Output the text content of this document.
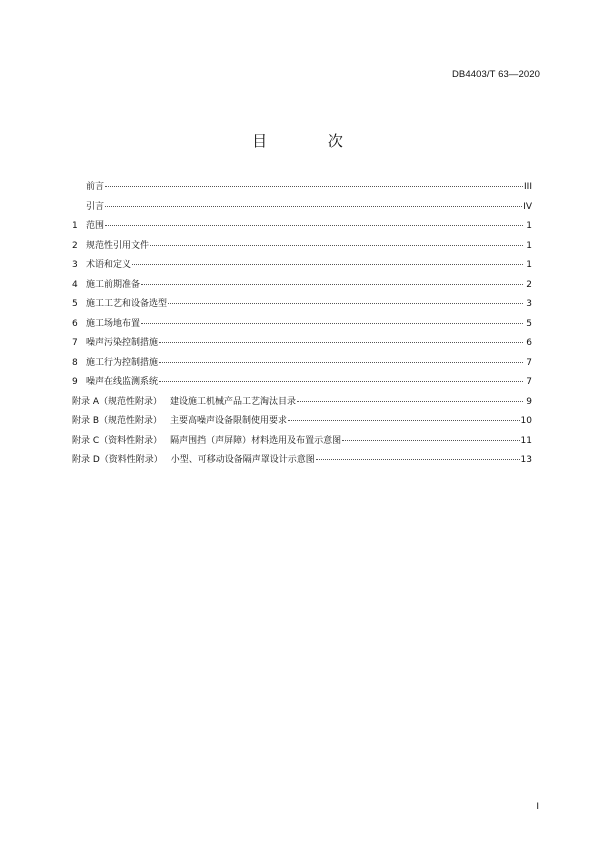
DB4403/T 63—2020
目 次
前言	III
引言	IV
1 范围	1
2 规范性引用文件	1
3 术语和定义	1
4 施工前期准备	2
5 施工工艺和设备选型	3
6 施工场地布置	5
7 噪声污染控制措施	6
8 施工行为控制措施	7
9 噪声在线监测系统	7
附录 A（规范性附录） 建设施工机械产品工艺淘汰目录	9
附录 B（规范性附录） 主要高噪声设备限制使用要求	10
附录 C（资料性附录） 隔声围挡（声屏障）材料选用及布置示意图	11
附录 D（资料性附录） 小型、可移动设备隔声罩设计示意图	13
I
